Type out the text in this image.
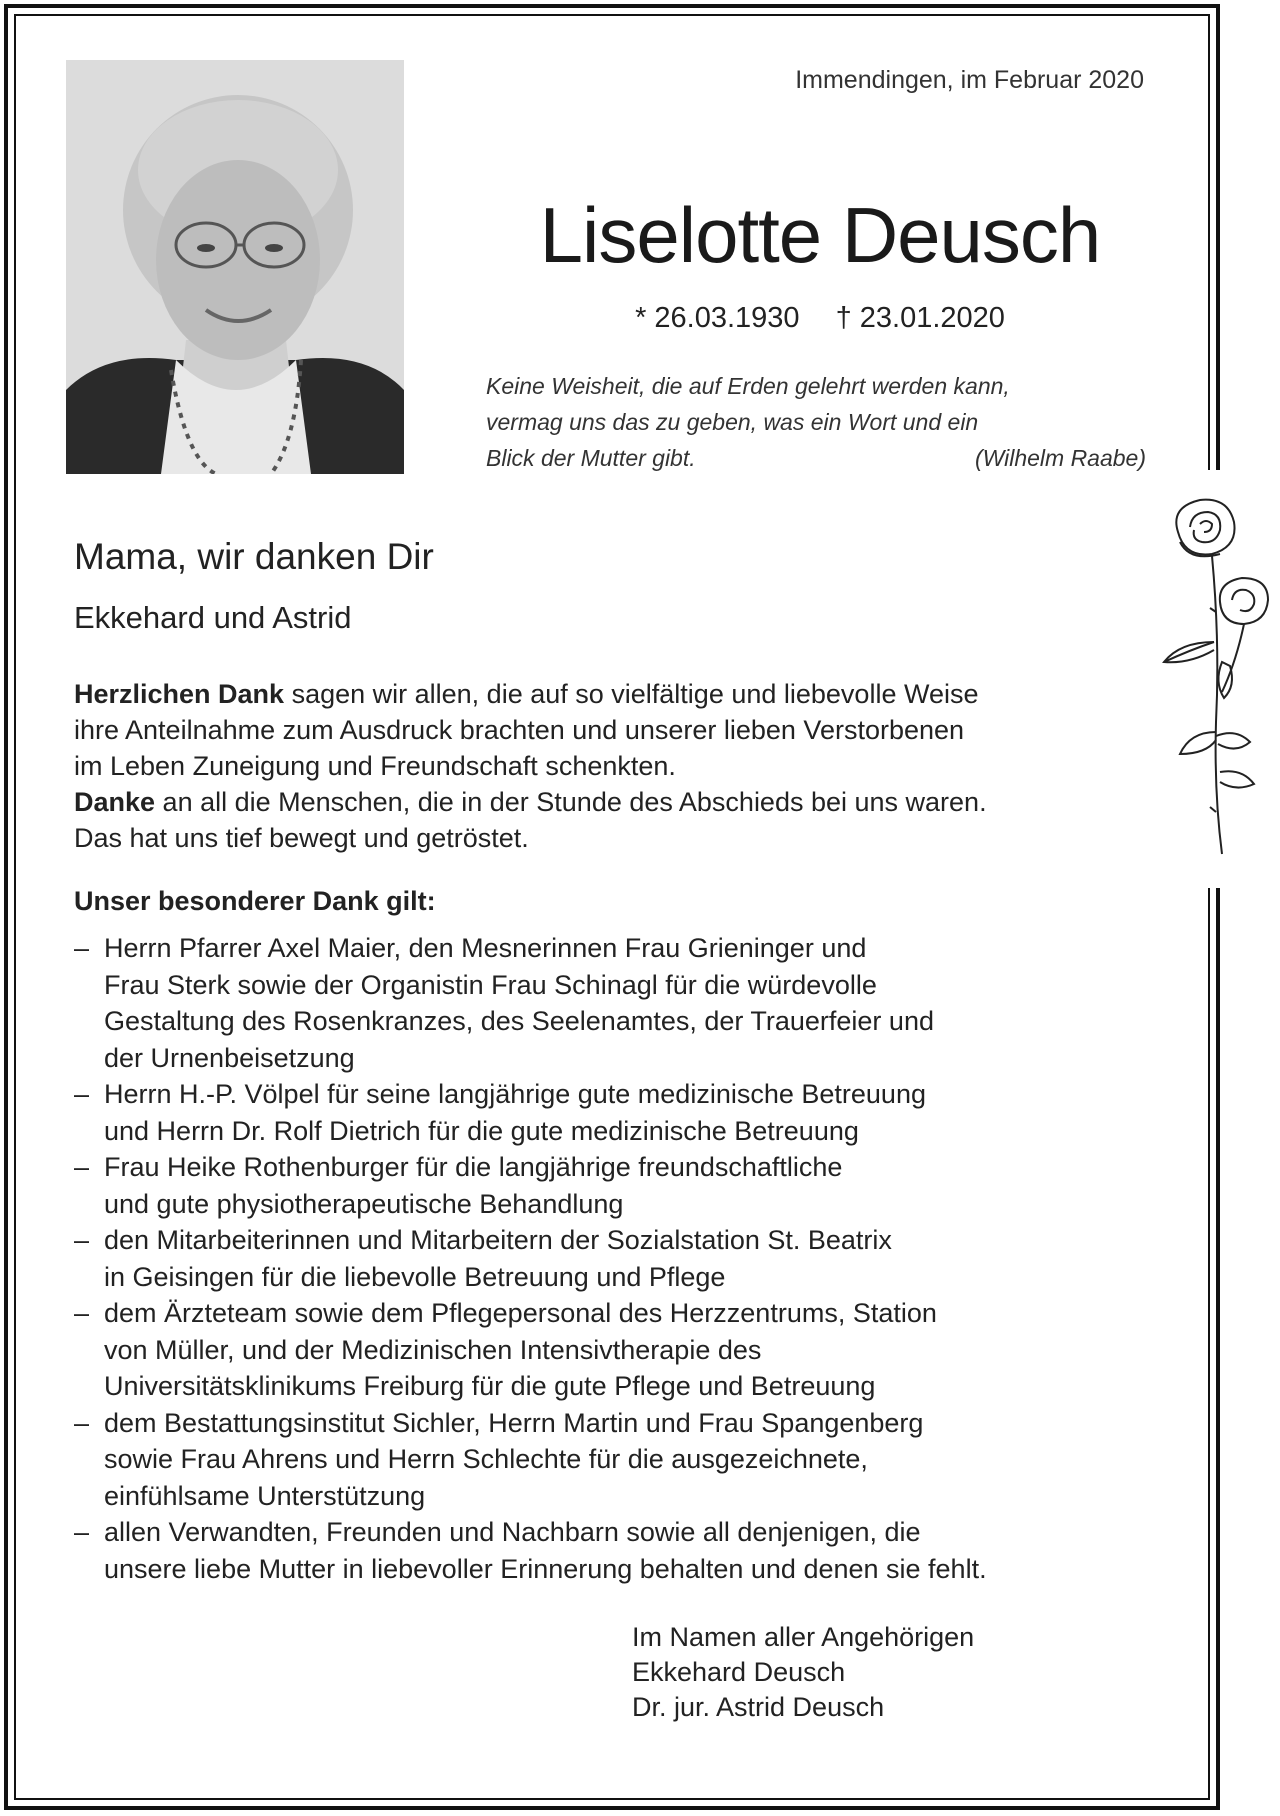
Immendingen, im Februar 2020
Liselotte Deusch
* 26.03.1930 † 23.01.2020
Keine Weisheit, die auf Erden gelehrt werden kann,
vermag uns das zu geben, was ein Wort und ein
Blick der Mutter gibt.	(Wilhelm Raabe)
Mama, wir danken Dir
Ekkehard und Astrid
Herzlichen Dank sagen wir allen, die auf so vielfältige und liebevolle Weise
ihre Anteilnahme zum Ausdruck brachten und unserer lieben Verstorbenen
im Leben Zuneigung und Freundschaft schenkten.
Danke an all die Menschen, die in der Stunde des Abschieds bei uns waren.
Das hat uns tief bewegt und getröstet.
Unser besonderer Dank gilt:
– Herrn Pfarrer Axel Maier, den Mesnerinnen Frau Grieninger und
Frau Sterk sowie der Organistin Frau Schinagl für die würdevolle
Gestaltung des Rosenkranzes, des Seelenamtes, der Trauerfeier und
der Urnenbeisetzung
– Herrn H.-P. Völpel für seine langjährige gute medizinische Betreuung
und Herrn Dr. Rolf Dietrich für die gute medizinische Betreuung
– Frau Heike Rothenburger für die langjährige freundschaftliche
und gute physiotherapeutische Behandlung
– den Mitarbeiterinnen und Mitarbeitern der Sozialstation St. Beatrix
in Geisingen für die liebevolle Betreuung und Pflege
– dem Ärzteteam sowie dem Pflegepersonal des Herzzentrums, Station
von Müller, und der Medizinischen Intensivtherapie des
Universitätsklinikums Freiburg für die gute Pflege und Betreuung
– dem Bestattungsinstitut Sichler, Herrn Martin und Frau Spangenberg
sowie Frau Ahrens und Herrn Schlechte für die ausgezeichnete,
einfühlsame Unterstützung
– allen Verwandten, Freunden und Nachbarn sowie all denjenigen, die
unsere liebe Mutter in liebevoller Erinnerung behalten und denen sie fehlt.
Im Namen aller Angehörigen
Ekkehard Deusch
Dr. jur. Astrid Deusch
